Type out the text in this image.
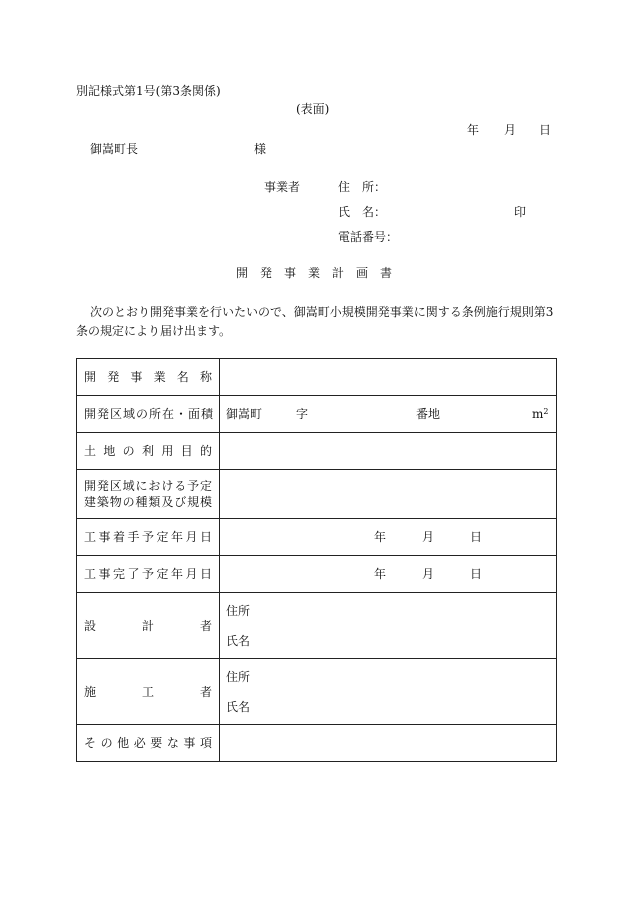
別記様式第1号(第3条関係)
(表面)
年 月 日
御嵩町長	様
事業者	住　所：
氏　名：	印
電話番号：
開 発 事 業 計 画 書
次のとおり開発事業を行いたいので、御嵩町小規模開発事業に関する条例施行規則第3
条の規定により届け出ます。
開発事業名称	

開発区域の所在・面積	御嵩町 字 番地 $m^2$

土地の利用目的	

開発区域における予定
建築物の種類及び規模	

工事着手予定年月日	年 月 日

工事完了予定年月日	年 月 日

設計者	住所
氏名

施工者	住所
氏名

その他必要な事項	
